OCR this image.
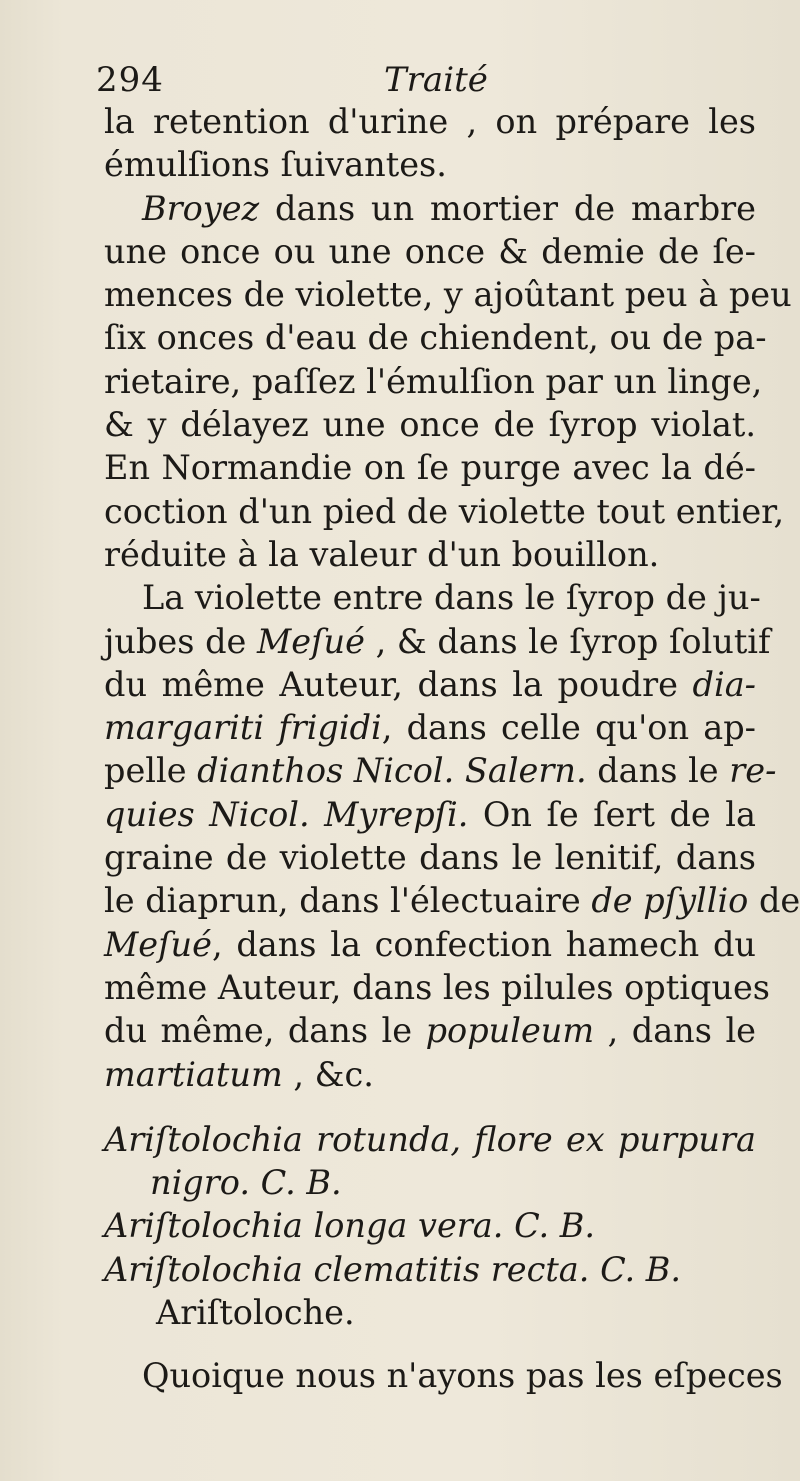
294	Traité
la retention d'urine , on prépare les
émulſions ſuivantes.
Broyez dans un mortier de marbre
une once ou une once & demie de ſe-
mences de violette, y ajoûtant peu à peu
ſix onces d'eau de chiendent, ou de pa-
rietaire, paſſez l'émulſion par un linge,
& y délayez une once de ſyrop violat.
En Normandie on ſe purge avec la dé-
coction d'un pied de violette tout entier,
réduite à la valeur d'un bouillon.
La violette entre dans le ſyrop de ju-
jubes de Meſué , & dans le ſyrop ſolutif
du même Auteur, dans la poudre dia-
margariti frigidi, dans celle qu'on ap-
pelle dianthos Nicol. Salern. dans le re-
quies Nicol. Myrepſi. On ſe ſert de la
graine de violette dans le lenitif, dans
le diaprun, dans l'électuaire de pſyllio de
Meſué, dans la confection hamech du
même Auteur, dans les pilules optiques
du même, dans le populeum , dans le
martiatum , &c.
Ariſtolochia rotunda, flore ex purpura
nigro. C. B.
Ariſtolochia longa vera. C. B.
Ariſtolochia clematitis recta. C. B.
Ariſtoloche.
Quoique nous n'ayons pas les eſpeces
